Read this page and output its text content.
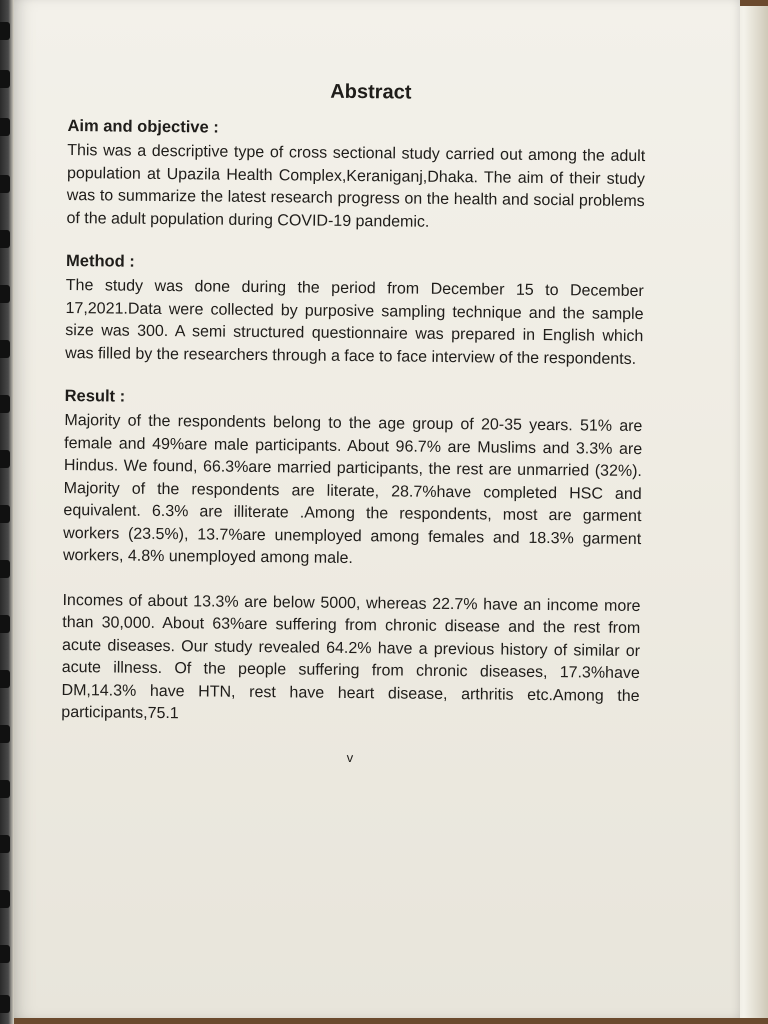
Abstract
Aim and objective :
This was a descriptive type of cross sectional study carried out among the adult population at Upazila Health Complex,Keraniganj,Dhaka. The aim of their study was to summarize the latest research progress on the health and social problems of the adult population during COVID-19 pandemic.
Method :
The study was done during the period from December 15 to December 17,2021.Data were collected by purposive sampling technique and the sample size was 300. A semi structured questionnaire was prepared in English which was filled by the researchers through a face to face interview of the respondents.
Result :
Majority of the respondents belong to the age group of 20-35 years. 51% are female and 49%are male participants. About 96.7% are Muslims and 3.3% are Hindus. We found, 66.3%are married participants, the rest are unmarried (32%). Majority of the respondents are literate, 28.7%have completed HSC and equivalent. 6.3% are illiterate .Among the respondents, most are garment workers (23.5%), 13.7%are unemployed among females and 18.3% garment workers, 4.8% unemployed among male.
Incomes of about 13.3% are below 5000, whereas 22.7% have an income more than 30,000. About 63%are suffering from chronic disease and the rest from acute diseases. Our study revealed 64.2% have a previous history of similar or acute illness. Of the people suffering from chronic diseases, 17.3%have DM,14.3% have HTN, rest have heart disease, arthritis etc.Among the participants,75.1
v
